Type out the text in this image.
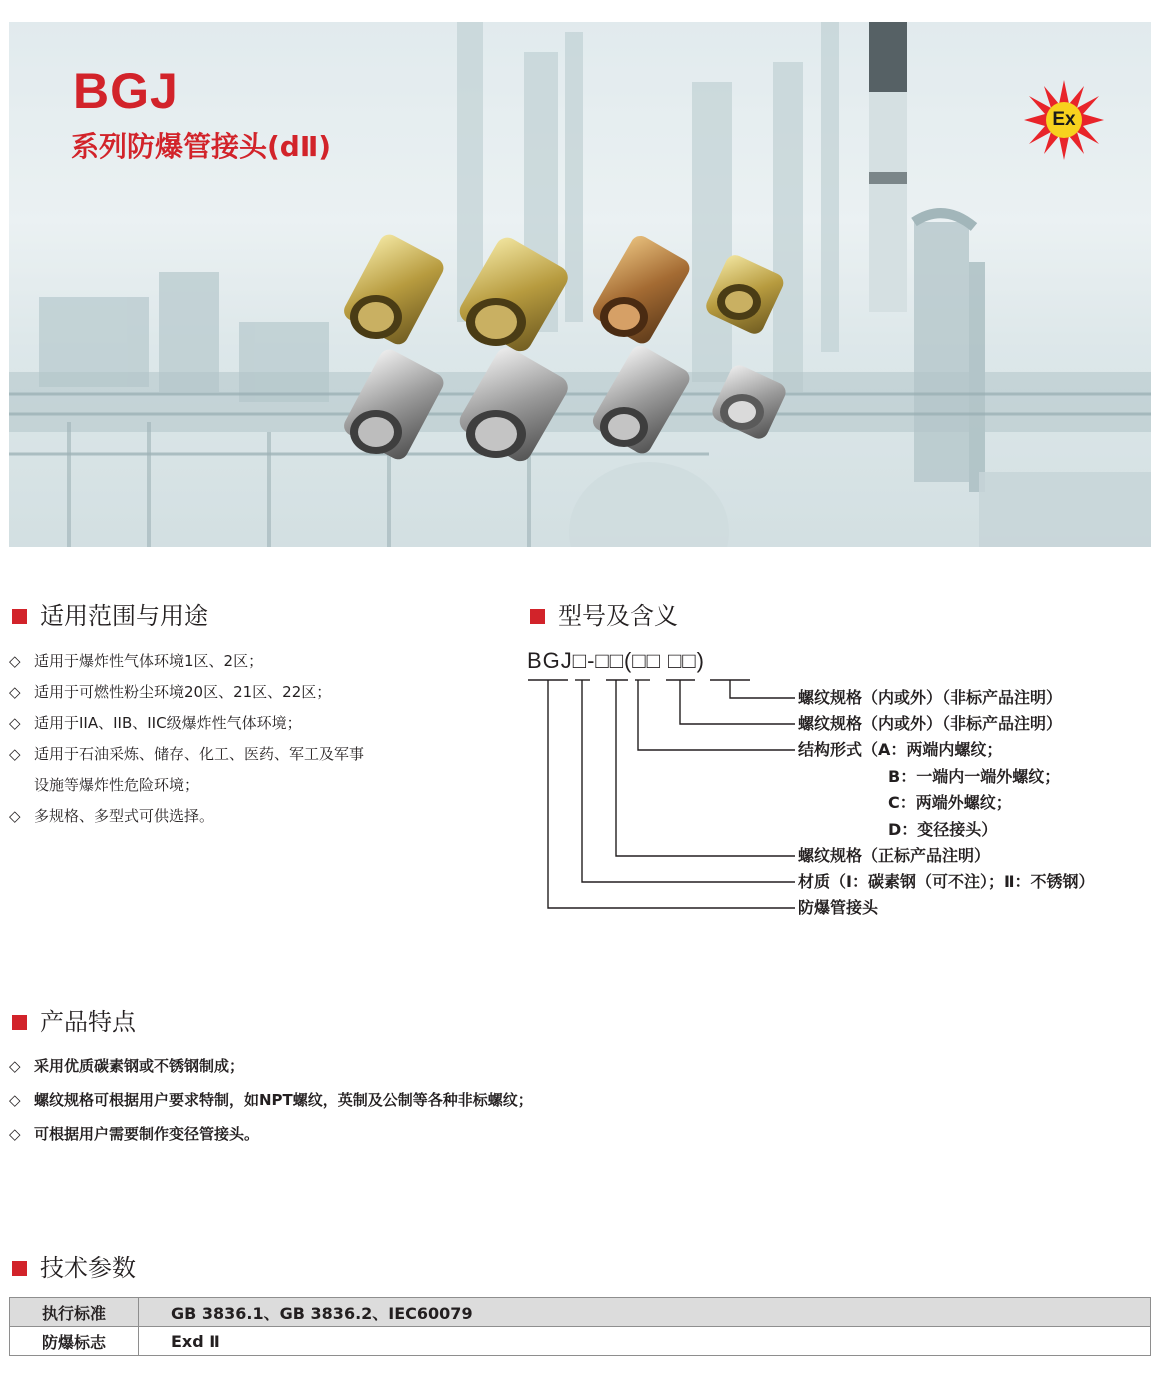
BGJ
系列防爆管接头(dⅡ)
Ex
适用范围与用途
◇ 适用于爆炸性气体环境1区、2区；
◇ 适用于可燃性粉尘环境20区、21区、22区；
◇ 适用于IIA、IIB、IIC级爆炸性气体环境；
◇ 适用于石油采炼、储存、化工、医药、军工及军事
设施等爆炸性危险环境；
◇ 多规格、多型式可供选择。
型号及含义
BGJ□-□□(□□ □□)
螺纹规格（内或外）（非标产品注明）
螺纹规格（内或外）（非标产品注明）
结构形式（A：两端内螺纹；
B：一端内一端外螺纹；
C：两端外螺纹；
D：变径接头）
螺纹规格（正标产品注明）
材质（Ⅰ：碳素钢（可不注）；Ⅱ：不锈钢）
防爆管接头
产品特点
◇ 采用优质碳素钢或不锈钢制成；
◇ 螺纹规格可根据用户要求特制，如NPT螺纹，英制及公制等各种非标螺纹；
◇ 可根据用户需要制作变径管接头。
技术参数
执行标准	GB 3836.1、GB 3836.2、IEC60079
防爆标志	Exd Ⅱ
